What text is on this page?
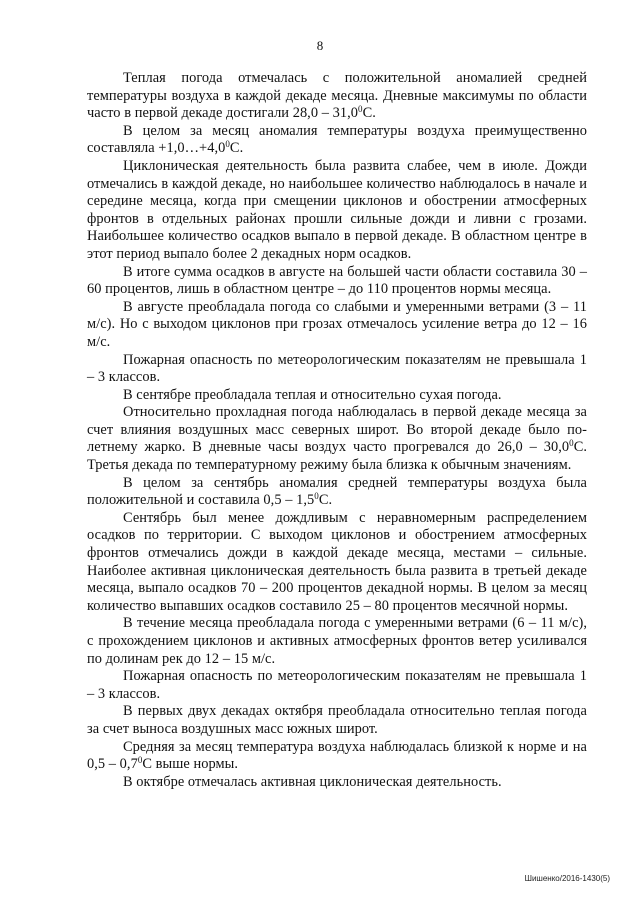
8

Теплая погода отмечалась с положительной аномалией средней температуры воздуха в каждой декаде месяца. Дневные максимумы по области часто в первой декаде достигали 28,0 – 31,0$^0$С.

В целом за месяц аномалия температуры воздуха преимущественно составляла $+1,0\dots+4,0^0С$.

Циклоническая деятельность была развита слабее, чем в июле. Дожди отмечались в каждой декаде, но наибольшее количество наблюдалось в начале и середине месяца, когда при смещении циклонов и обострении атмосферных фронтов в отдельных районах прошли сильные дожди и ливни с грозами. Наибольшее количество осадков выпало в первой декаде. В областном центре в этот период выпало более 2 декадных норм осадков.

В итоге сумма осадков в августе на большей части области составила 30 – 60 процентов, лишь в областном центре – до 110 процентов нормы месяца.

В августе преобладала погода со слабыми и умеренными ветрами (3 – 11 м/с). Но с выходом циклонов при грозах отмечалось усиление ветра до 12 – 16 м/с.

Пожарная опасность по метеорологическим показателям не превышала 1 – 3 классов.

В сентябре преобладала теплая и относительно сухая погода.

Относительно прохладная погода наблюдалась в первой декаде месяца за счет влияния воздушных масс северных широт. Во второй декаде было по-летнему жарко. В дневные часы воздух часто прогревался до 26,0 – 30,0$^0$С. Третья декада по температурному режиму была близка к обычным значениям.

В целом за сентябрь аномалия средней температуры воздуха была положительной и составила $0,5 - 1,5^0С$.

Сентябрь был менее дождливым с неравномерным распределением осадков по территории. С выходом циклонов и обострением атмосферных фронтов отмечались дожди в каждой декаде месяца, местами – сильные. Наиболее активная циклоническая деятельность была развита в третьей декаде месяца, выпало осадков 70 – 200 процентов декадной нормы. В целом за месяц количество выпавших осадков составило 25 – 80 процентов месячной нормы.

В течение месяца преобладала погода с умеренными ветрами (6 – 11 м/с), с прохождением циклонов и активных атмосферных фронтов ветер усиливался по долинам рек до 12 – 15 м/с.

Пожарная опасность по метеорологическим показателям не превышала 1 – 3 классов.

В первых двух декадах октября преобладала относительно теплая погода за счет выноса воздушных масс южных широт.

Средняя за месяц температура воздуха наблюдалась близкой к норме и на $0,5 - 0,7^0С$ выше нормы.

В октябре отмечалась активная циклоническая деятельность.

Шишенко/2016-1430(5)
